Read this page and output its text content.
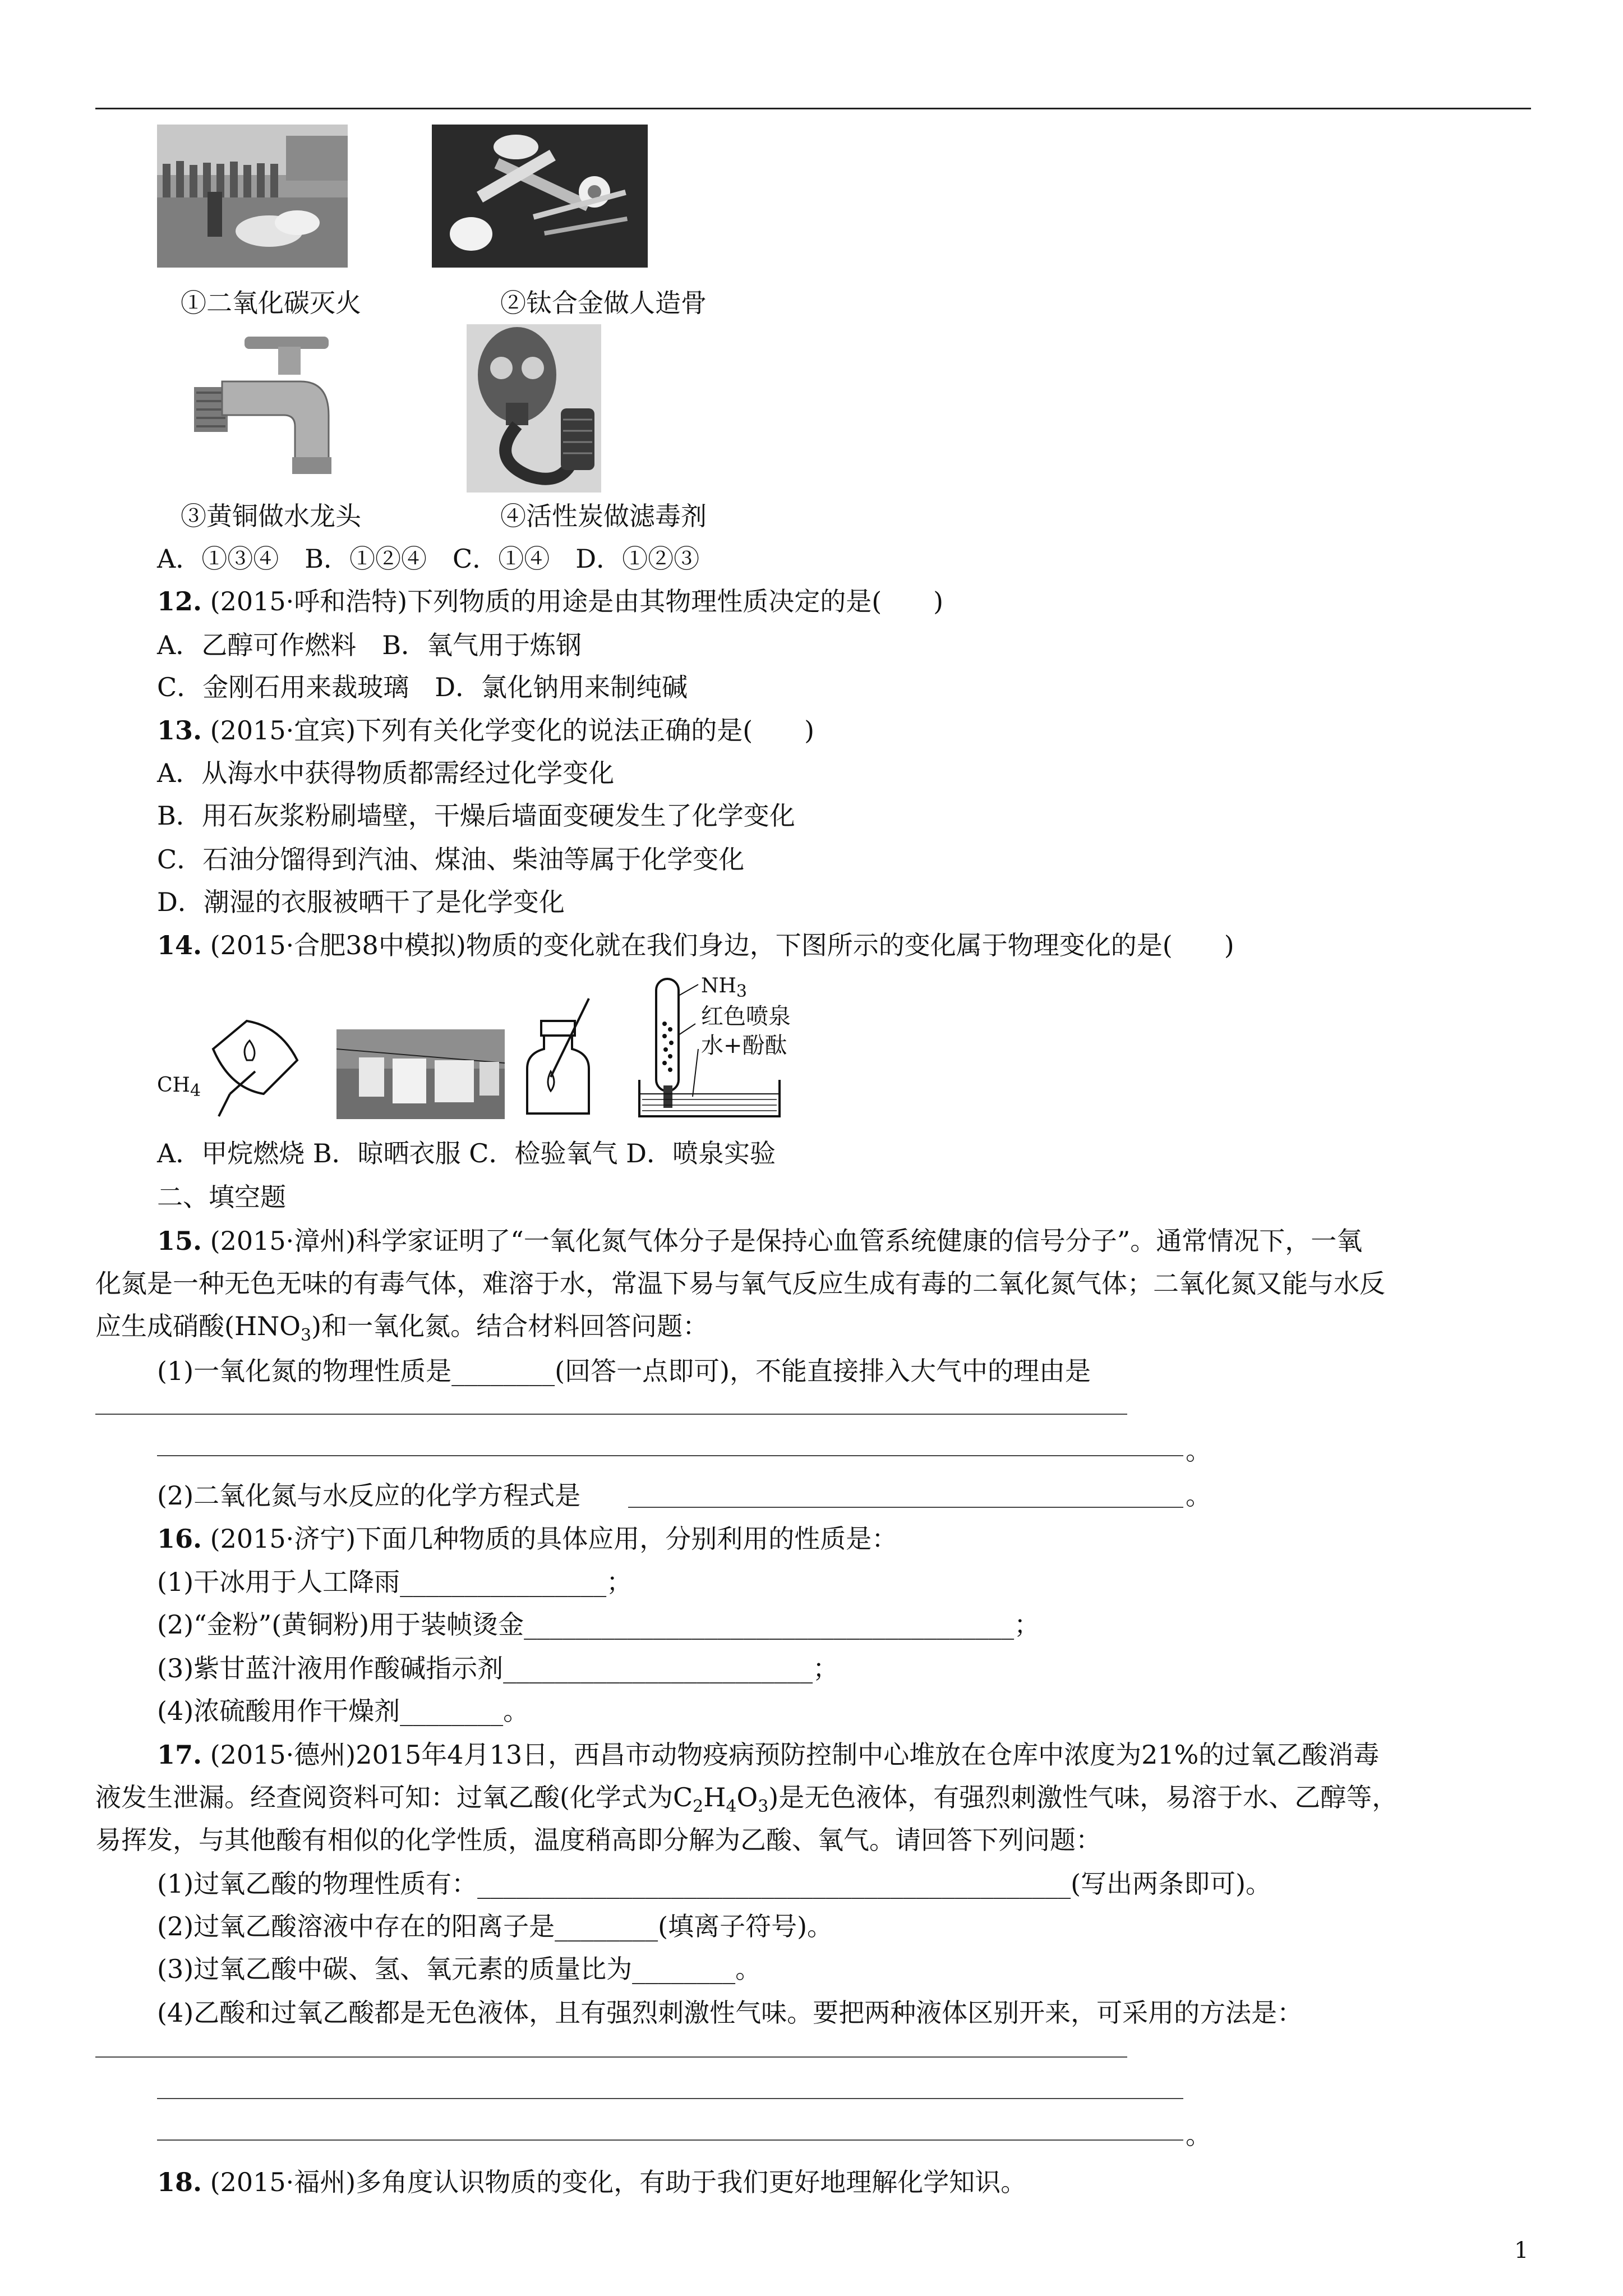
①二氧化碳灭火	②钛合金做人造骨
③黄铜做水龙头	④活性炭做滤毒剂
A．①③④　B．①②④　C．①④　D．①②③
12. (2015·呼和浩特)下列物质的用途是由其物理性质决定的是(　　)
A．乙醇可作燃料　B．氧气用于炼钢
C．金刚石用来裁玻璃　D．氯化钠用来制纯碱
13. (2015·宜宾)下列有关化学变化的说法正确的是(　　)
A．从海水中获得物质都需经过化学变化
B．用石灰浆粉刷墙壁，干燥后墙面变硬发生了化学变化
C．石油分馏得到汽油、煤油、柴油等属于化学变化
D．潮湿的衣服被晒干了是化学变化
14. (2015·合肥38中模拟)物质的变化就在我们身边，下图所示的变化属于物理变化的是(　　)
$CH_4$
$NH_3$
红色喷泉
水+酚酞
A．甲烷燃烧 B．晾晒衣服 C．检验氧气 D．喷泉实验
二、填空题
15. (2015·漳州)科学家证明了“一氧化氮气体分子是保持心血管系统健康的信号分子”。通常情况下，一氧
化氮是一种无色无味的有毒气体，难溶于水，常温下易与氧气反应生成有毒的二氧化氮气体；二氧化氮又能与水反
应生成硝酸$(HNO_3)$和一氧化氮。结合材料回答问题：
(1)一氧化氮的物理性质是________(回答一点即可)，不能直接排入大气中的理由是
。
(2)二氧化氮与水反应的化学方程式是	。
16. (2015·济宁)下面几种物质的具体应用，分别利用的性质是：
(1)干冰用于人工降雨________________；
(2)“金粉”(黄铜粉)用于装帧烫金______________________________________；
(3)紫甘蓝汁液用作酸碱指示剂________________________；
(4)浓硫酸用作干燥剂________。
17. (2015·德州)2015年4月13日，西昌市动物疫病预防控制中心堆放在仓库中浓度为21%的过氧乙酸消毒
液发生泄漏。经查阅资料可知：过氧乙酸(化学式为$C_2H_4O_3$)是无色液体，有强烈刺激性气味，易溶于水、乙醇等，
易挥发，与其他酸有相似的化学性质，温度稍高即分解为乙酸、氧气。请回答下列问题：
(1)过氧乙酸的物理性质有：______________________________________________(写出两条即可)。
(2)过氧乙酸溶液中存在的阳离子是________(填离子符号)。
(3)过氧乙酸中碳、氢、氧元素的质量比为________。
(4)乙酸和过氧乙酸都是无色液体，且有强烈刺激性气味。要把两种液体区别开来，可采用的方法是：
。
18. (2015·福州)多角度认识物质的变化，有助于我们更好地理解化学知识。
1
